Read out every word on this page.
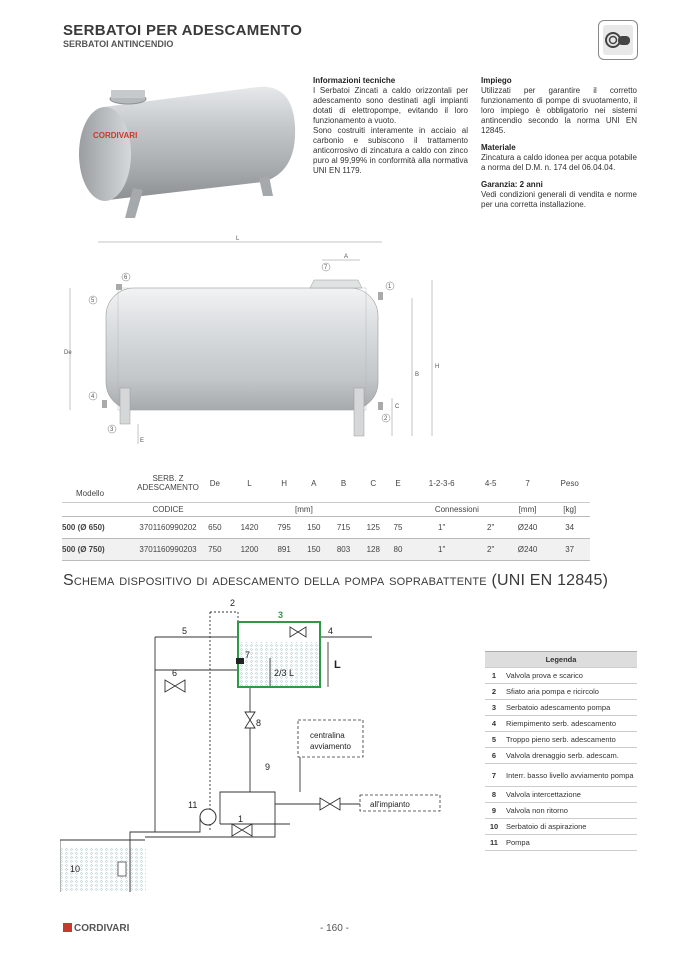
SERBATOI PER ADESCAMENTO
SERBATOI ANTINCENDIO
CORDIVARI

Informazioni tecniche
I Serbatoi Zincati a caldo orizzontali per adescamento sono destinati agli impianti dotati di elettropompe, evitando il loro funzionamento a vuoto.
Sono costruiti interamente in acciaio al carbonio e subiscono il trattamento anticorrosivo di zincatura a caldo con zinco puro al 99,99% in conformità alla normativa UNI EN 1179.

Impiego
Utilizzati per garantire il corretto funzionamento di pompe di svuotamento, il loro impiego è obbligatorio nei sistemi antincendio secondo la norma UNI EN 12845.

Materiale
Zincatura a caldo idonea per acqua potabile a norma del D.M. n. 174 del 06.04.04.

Garanzia: 2 anni
Vedi condizioni generali di vendita e norme per una corretta installazione.

L
A
De
B
H
C
E
1
2
3
4
5
6
7
Modello	SERB. Z ADESCAMENTO	De	L	H	A	B	C	E	1-2-3-6	4-5	7	Peso
	CODICE	[mm]							Connessioni		[mm]	[kg]
500 (Ø 650)	3701160990202	650	1420	795	150	715	125	75	1"	2"	Ø240	34
500 (Ø 750)	3701160990203	750	1200	891	150	803	128	80	1"	2"	Ø240	37
Schema dispositivo di adescamento della pompa soprabattente (UNI EN 12845)
2
3
5	4
7
L
2/3 L
6
8
9
11
1
10
centralina
avviamento
all'impianto
Legenda	
1	Valvola prova e scarico
2	Sfiato aria pompa e ricircolo
3	Serbatoio adescamento pompa
4	Riempimento serb. adescamento
5	Troppo pieno serb. adescamento
6	Valvola drenaggio serb. adescam.
7	Interr. basso livello avviamento pompa
8	Valvola intercettazione
9	Valvola non ritorno
10	Serbatoio di aspirazione
11	Pompa
CORDIVARI	- 160 -
